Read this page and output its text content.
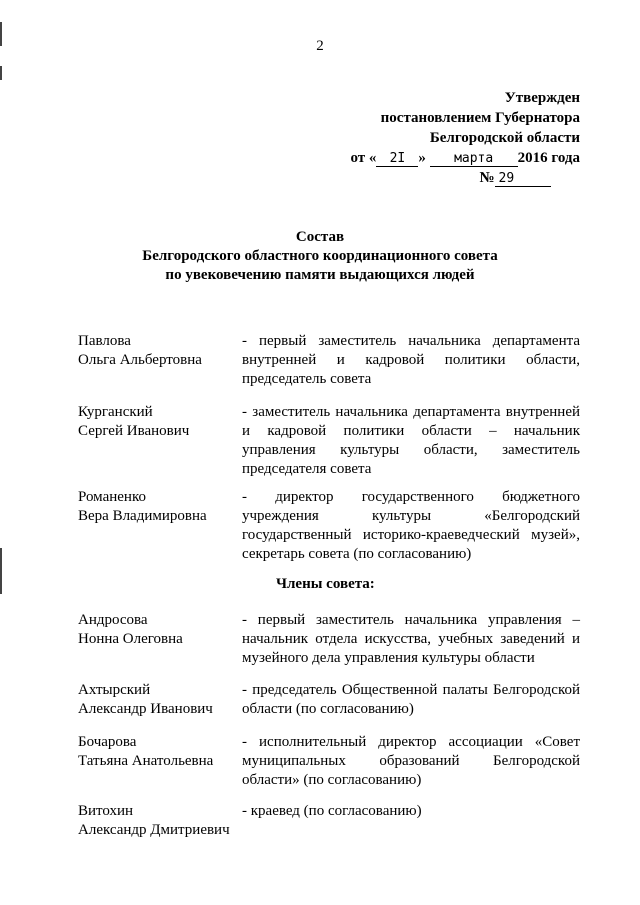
2
Утвержден
постановлением Губернатора
Белгородской области
от « 2I » марта 2016 года
№ 29
Состав
Белгородского областного координационного совета
по увековечению памяти выдающихся людей
Павлова
Ольга Альбертовна
- первый заместитель начальника департамента внутренней и кадровой политики области, председатель совета
Курганский
Сергей Иванович
- заместитель начальника департамента внутренней и кадровой политики области – начальник управления культуры области, заместитель председателя совета
Романенко
Вера Владимировна
- директор государственного бюджетного учреждения культуры «Белгородский государственный историко-краеведческий музей», секретарь совета (по согласованию)
Члены совета:
Андросова
Нонна Олеговна
- первый заместитель начальника управления – начальник отдела искусства, учебных заведений и музейного дела управления культуры области
Ахтырский
Александр Иванович
- председатель Общественной палаты Белгородской области (по согласованию)
Бочарова
Татьяна Анатольевна
- исполнительный директор ассоциации «Совет муниципальных образований Белгородской области» (по согласованию)
Витохин
Александр Дмитриевич
- краевед (по согласованию)
